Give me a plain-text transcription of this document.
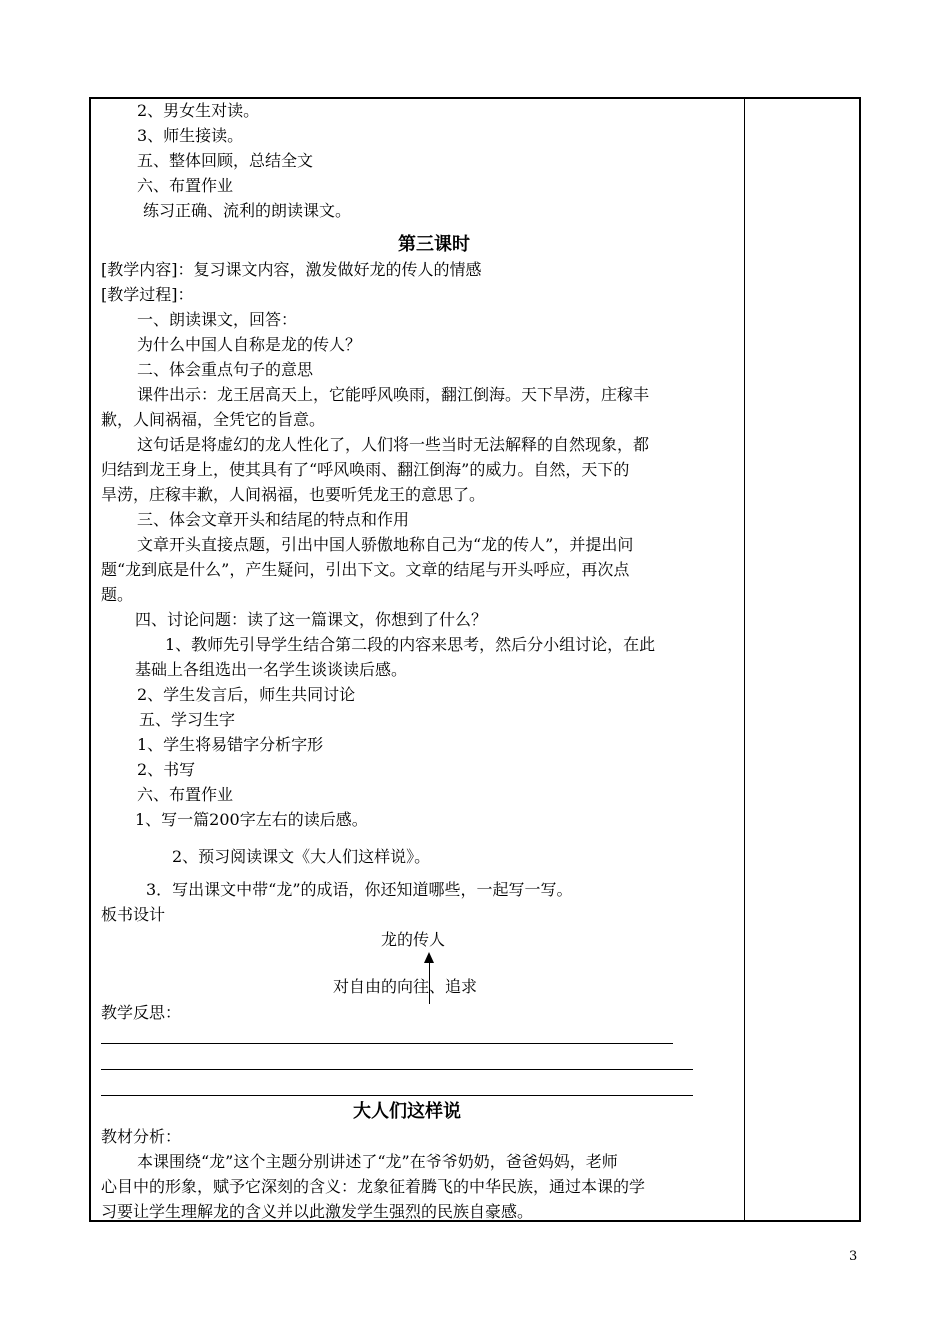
2、男女生对读。
3、师生接读。
五、整体回顾，总结全文
六、布置作业
练习正确、流利的朗读课文。
第三课时
[教学内容]：复习课文内容，激发做好龙的传人的情感
[教学过程]：
一、朗读课文，回答：
为什么中国人自称是龙的传人？
二、体会重点句子的意思
课件出示：龙王居高天上，它能呼风唤雨，翻江倒海。天下旱涝，庄稼丰
歉，人间祸福，全凭它的旨意。
这句话是将虚幻的龙人性化了，人们将一些当时无法解释的自然现象，都
归结到龙王身上，使其具有了“呼风唤雨、翻江倒海”的威力。自然，天下的
旱涝，庄稼丰歉，人间祸福，也要听凭龙王的意思了。
三、体会文章开头和结尾的特点和作用
文章开头直接点题，引出中国人骄傲地称自己为“龙的传人”，并提出问
题“龙到底是什么”，产生疑问，引出下文。文章的结尾与开头呼应，再次点
题。
四、讨论问题：读了这一篇课文，你想到了什么？
1、教师先引导学生结合第二段的内容来思考，然后分小组讨论，在此
基础上各组选出一名学生谈谈读后感。
2、学生发言后，师生共同讨论
五、学习生字
1、学生将易错字分析字形
2、书写
六、布置作业
1、写一篇200字左右的读后感。
2、预习阅读课文《大人们这样说》。
3．写出课文中带“龙”的成语，你还知道哪些，一起写一写。
板书设计
龙的传人
对自由的向往、追求
教学反思：
大人们这样说
教材分析：
本课围绕“龙”这个主题分别讲述了“龙”在爷爷奶奶，爸爸妈妈，老师
心目中的形象，赋予它深刻的含义：龙象征着腾飞的中华民族，通过本课的学
习要让学生理解龙的含义并以此激发学生强烈的民族自豪感。
3
